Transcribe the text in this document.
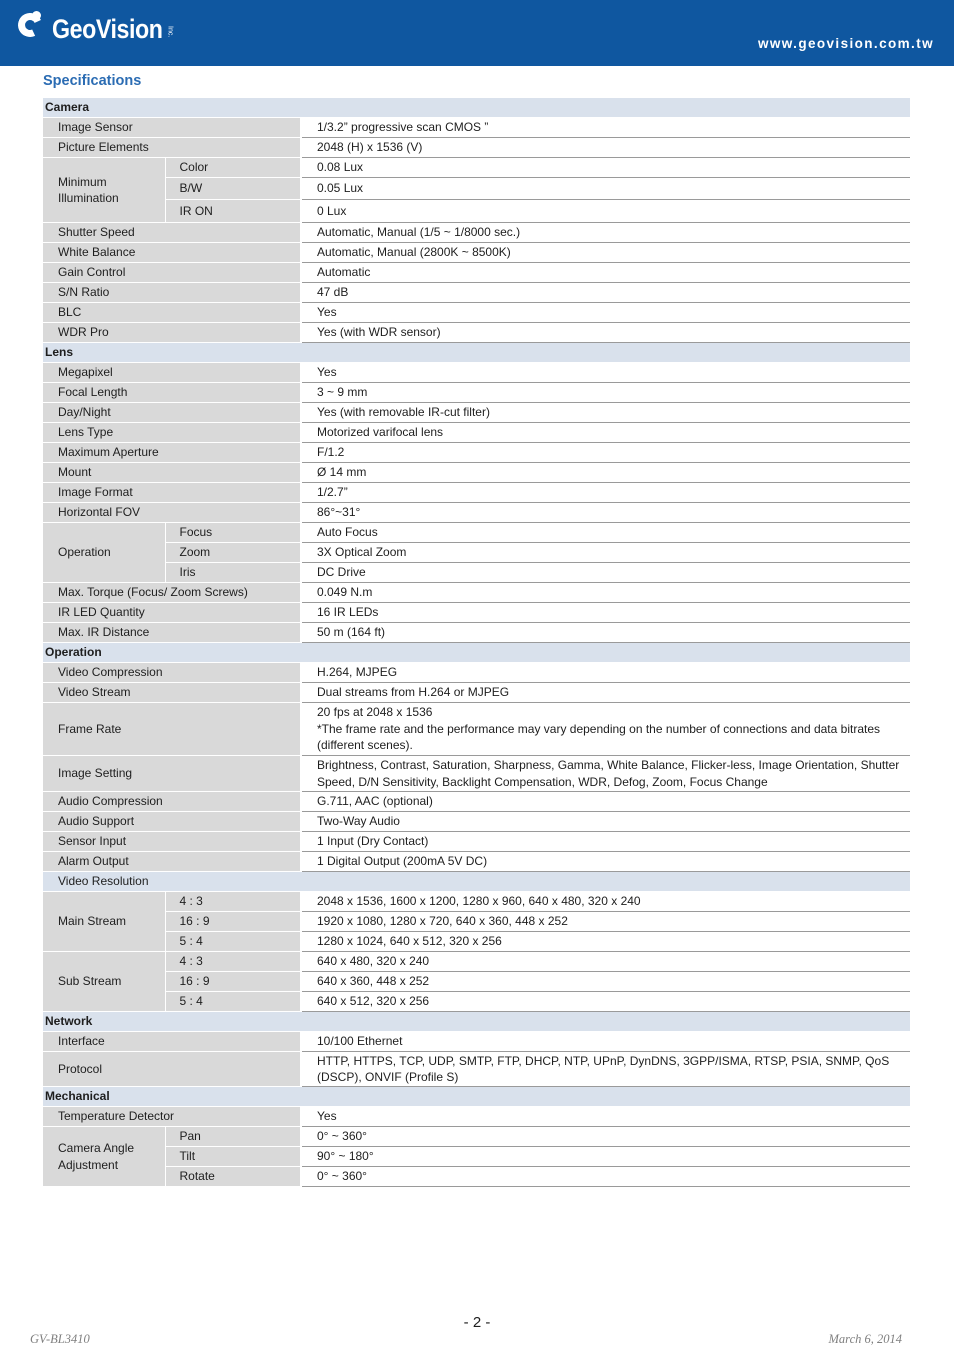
GeoVision Inc.
www.geovision.com.tw
Specifications
Camera		
Image Sensor		1/3.2” progressive scan CMOS ”
Picture Elements		2048 (H) x 1536 (V)
Minimum Illumination	Color	0.08 Lux
	B/W	0.05 Lux
	IR ON	0 Lux
Shutter Speed		Automatic, Manual (1/5 ~ 1/8000 sec.)
White Balance		Automatic, Manual (2800K ~ 8500K)
Gain Control		Automatic
S/N Ratio		47 dB
BLC		Yes
WDR Pro		Yes (with WDR sensor)
Lens		
Megapixel		Yes
Focal Length		3 ~ 9 mm
Day/Night		Yes (with removable IR-cut filter)
Lens Type		Motorized varifocal lens
Maximum Aperture		F/1.2
Mount		Ø 14 mm
Image Format		1/2.7”
Horizontal FOV		86°~31°
Operation	Focus	Auto Focus
	Zoom	3X Optical Zoom
	Iris	DC Drive
Max. Torque (Focus/ Zoom Screws)		0.049 N.m
IR LED Quantity		16 IR LEDs
Max. IR Distance		50 m (164 ft)
Operation		
Video Compression		H.264, MJPEG
Video Stream		Dual streams from H.264 or MJPEG
Frame Rate		20 fps at 2048 x 1536
*The frame rate and the performance may vary depending on the number of connections and data bitrates (different scenes).

Image Setting		Brightness, Contrast, Saturation, Sharpness, Gamma, White Balance, Flicker-less, Image Orientation, Shutter Speed, D/N Sensitivity, Backlight Compensation, WDR, Defog, Zoom, Focus Change
Audio Compression		G.711, AAC (optional)
Audio Support		Two-Way Audio
Sensor Input		1 Input (Dry Contact)
Alarm Output		1 Digital Output (200mA 5V DC)
Video Resolution		
Main Stream	4 : 3	2048 x 1536, 1600 x 1200, 1280 x 960, 640 x 480, 320 x 240
	16 : 9	1920 x 1080, 1280 x 720, 640 x 360, 448 x 252
	5 : 4	1280 x 1024, 640 x 512, 320 x 256
Sub Stream	4 : 3	640 x 480, 320 x 240
	16 : 9	640 x 360, 448 x 252
	5 : 4	640 x 512, 320 x 256
Network		
Interface		10/100 Ethernet
Protocol		HTTP, HTTPS, TCP, UDP, SMTP, FTP, DHCP, NTP, UPnP, DynDNS, 3GPP/ISMA, RTSP, PSIA, SNMP, QoS (DSCP), ONVIF (Profile S)
Mechanical		
Temperature Detector		Yes
Camera Angle Adjustment	Pan	0° ~ 360°
	Tilt	90° ~ 180°
	Rotate	0° ~ 360°
- 2 -
GV-BL3410	March 6, 2014
